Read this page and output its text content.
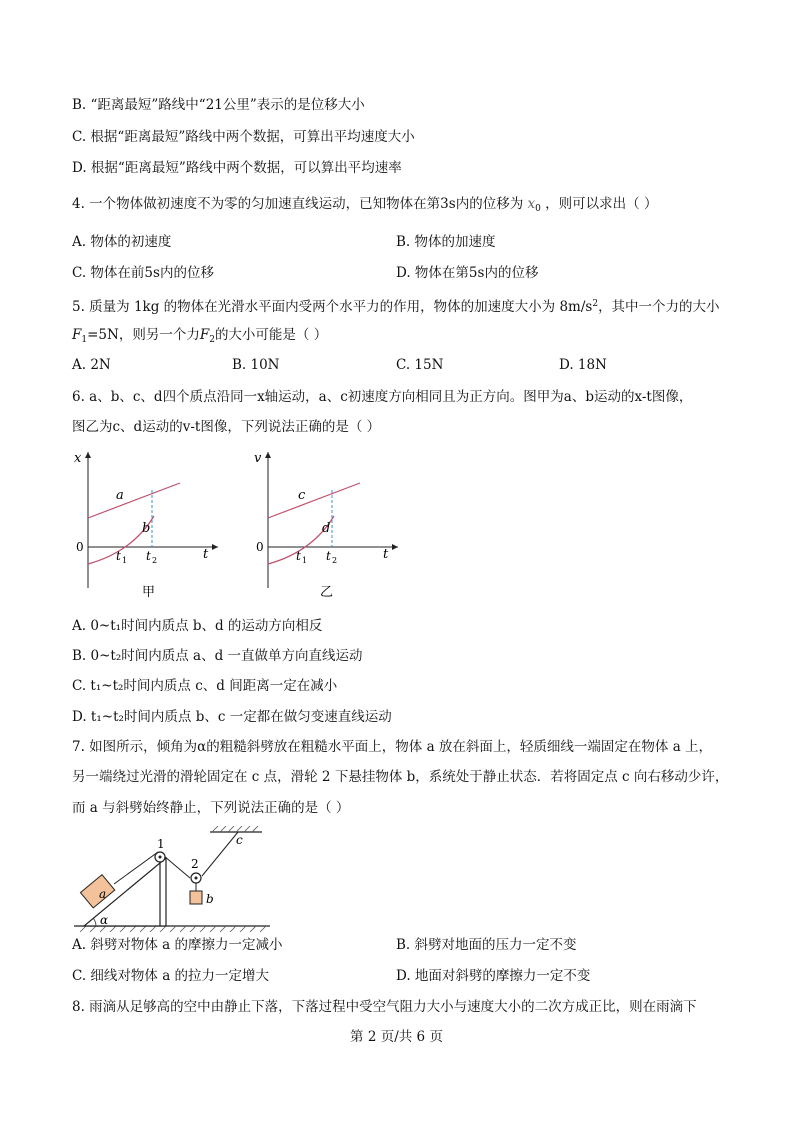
B. “距离最短”路线中“21公里”表示的是位移大小
C. 根据“距离最短”路线中两个数据，可算出平均速度大小
D. 根据“距离最短”路线中两个数据，可以算出平均速率
4. 一个物体做初速度不为零的匀加速直线运动，已知物体在第3s内的位移为 $x_0$ ，则可以求出（ ）
A. 物体的初速度	B. 物体的加速度
C. 物体在前5s内的位移	D. 物体在第5s内的位移
5. 质量为 1kg 的物体在光滑水平面内受两个水平力的作用，物体的加速度大小为 $8m/s^2$，其中一个力的大小
$F_1=5N$，则另一个力$F_2$的大小可能是（ ）
A. 2N	B. 10N	C. 15N	D. 18N
6. a、b、c、d四个质点沿同一x轴运动，a、c初速度方向相同且为正方向。图甲为a、b运动的x-t图像，
图乙为c、d运动的v-t图像，下列说法正确的是（ ）
x
t
0
a
b
t 1 t 2
甲
v
t
0
c
d
t 1 t 2
乙
A. 0~t₁时间内质点 b、d 的运动方向相反
B. 0~t₂时间内质点 a、d 一直做单方向直线运动
C. t₁~t₂时间内质点 c、d 间距离一定在减小
D. t₁~t₂时间内质点 b、c 一定都在做匀变速直线运动
7. 如图所示，倾角为α的粗糙斜劈放在粗糙水平面上，物体 a 放在斜面上，轻质细线一端固定在物体 a 上，
另一端绕过光滑的滑轮固定在 c 点，滑轮 2 下悬挂物体 b，系统处于静止状态．若将固定点 c 向右移动少许，
而 a 与斜劈始终静止，下列说法正确的是（ ）
1
2
c
a	b
α
A. 斜劈对物体 a 的摩擦力一定减小	B. 斜劈对地面的压力一定不变
C. 细线对物体 a 的拉力一定增大	D. 地面对斜劈的摩擦力一定不变
8. 雨滴从足够高的空中由静止下落，下落过程中受空气阻力大小与速度大小的二次方成正比，则在雨滴下
第 2 页/共 6 页
